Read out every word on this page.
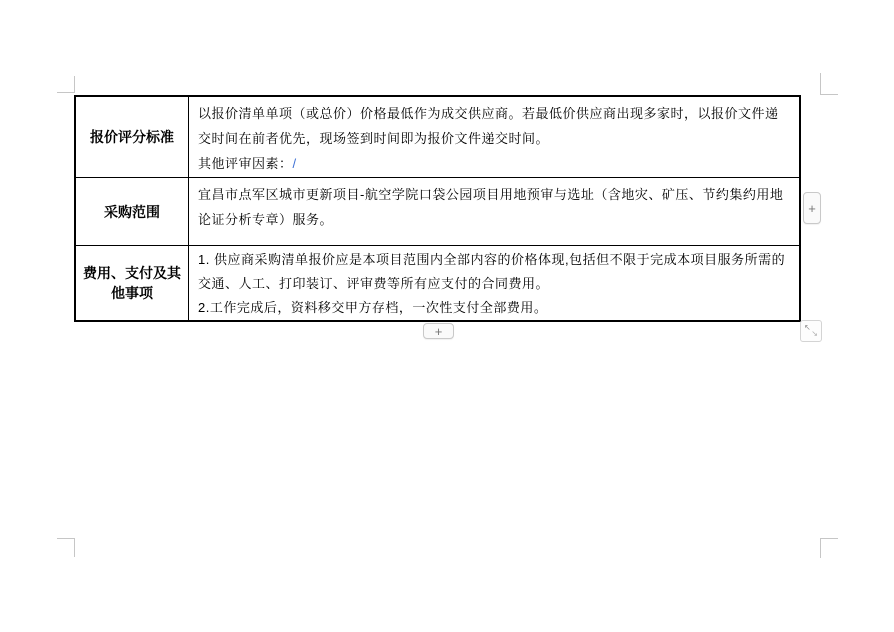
报价评分标准

以报价清单单项（或总价）价格最低作为成交供应商。若最低价供应商出现多家时，以报价文件递交时间在前者优先，现场签到时间即为报价文件递交时间。

其他评审因素：/

采购范围

宜昌市点军区城市更新项目-航空学院口袋公园项目用地预审与选址（含地灾、矿压、节约集约用地论证分析专章）服务。

费用、支付及其他事项

1. 供应商采购清单报价应是本项目范围内全部内容的价格体现,包括但不限于完成本项目服务所需的交通、人工、打印装订、评审费等所有应支付的合同费用。

2.工作完成后，资料移交甲方存档，一次性支付全部费用。

+
+
↖
↘
